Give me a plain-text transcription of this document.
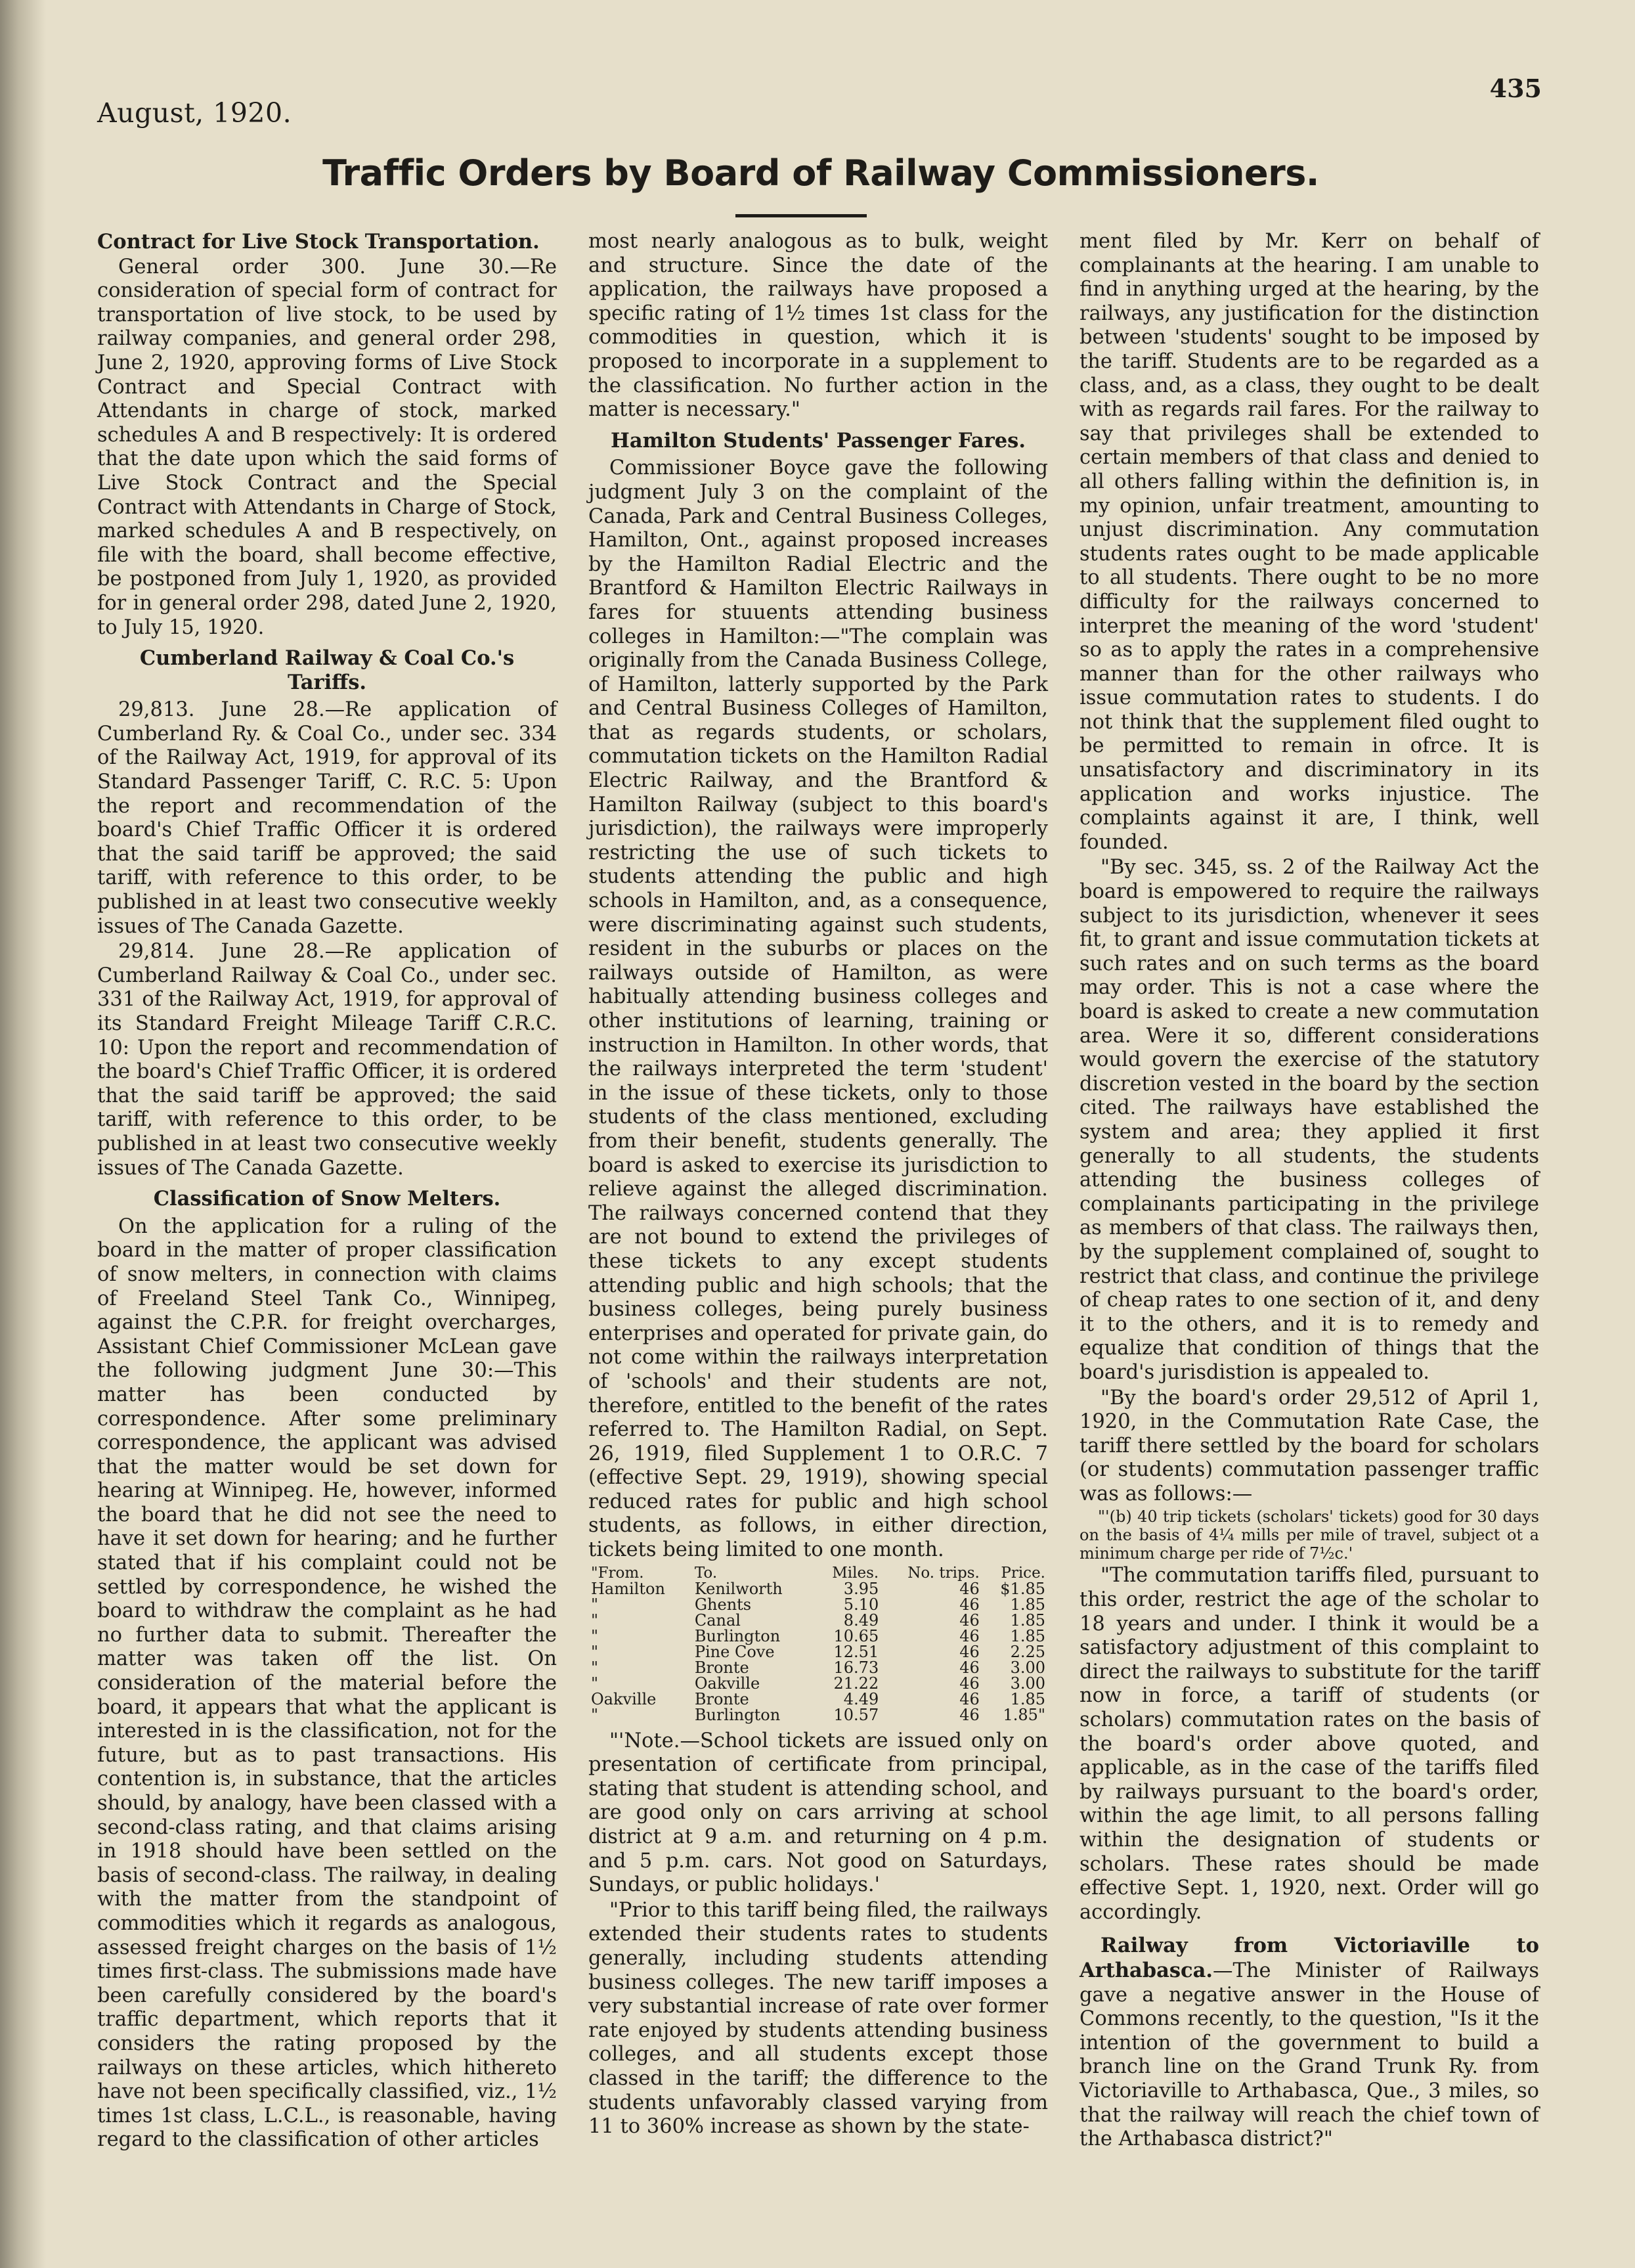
August, 1920.
435
Traffic Orders by Board of Railway Commissioners.

Contract for Live Stock Transportation.

General order 300. June 30.—Re consideration of special form of contract for transportation of live stock, to be used by railway companies, and general order 298, June 2, 1920, approving forms of Live Stock Contract and Special Contract with Attendants in charge of stock, marked schedules A and B respectively: It is ordered that the date upon which the said forms of Live Stock Contract and the Special Contract with Attendants in Charge of Stock, marked schedules A and B respectively, on file with the board, shall become effective, be postponed from July 1, 1920, as provided for in general order 298, dated June 2, 1920, to July 15, 1920.

Cumberland Railway & Coal Co.'s Tariffs.

29,813. June 28.—Re application of Cumberland Ry. & Coal Co., under sec. 334 of the Railway Act, 1919, for approval of its Standard Passenger Tariff, C. R.C. 5: Upon the report and recommendation of the board's Chief Traffic Officer it is ordered that the said tariff be approved; the said tariff, with reference to this order, to be published in at least two consecutive weekly issues of The Canada Gazette.

29,814. June 28.—Re application of Cumberland Railway & Coal Co., under sec. 331 of the Railway Act, 1919, for approval of its Standard Freight Mileage Tariff C.R.C. 10: Upon the report and recommendation of the board's Chief Traffic Officer, it is ordered that the said tariff be approved; the said tariff, with reference to this order, to be published in at least two consecutive weekly issues of The Canada Gazette.

Classification of Snow Melters.

On the application for a ruling of the board in the matter of proper classification of snow melters, in connection with claims of Freeland Steel Tank Co., Winnipeg, against the C.P.R. for freight overcharges, Assistant Chief Commissioner McLean gave the following judgment June 30:—This matter has been conducted by correspondence. After some preliminary correspondence, the applicant was advised that the matter would be set down for hearing at Winnipeg. He, however, informed the board that he did not see the need to have it set down for hearing; and he further stated that if his complaint could not be settled by correspondence, he wished the board to withdraw the complaint as he had no further data to submit. Thereafter the matter was taken off the list. On consideration of the material before the board, it appears that what the applicant is interested in is the classification, not for the future, but as to past transactions. His contention is, in substance, that the articles should, by analogy, have been classed with a second-class rating, and that claims arising in 1918 should have been settled on the basis of second-class. The railway, in dealing with the matter from the standpoint of commodities which it regards as analogous, assessed freight charges on the basis of 1½ times first-class. The submissions made have been carefully considered by the board's traffic department, which reports that it considers the rating proposed by the railways on these articles, which hithereto have not been specifically classified, viz., 1½ times 1st class, L.C.L., is reasonable, having regard to the classification of other articles

most nearly analogous as to bulk, weight and structure. Since the date of the application, the railways have proposed a specific rating of 1½ times 1st class for the commodities in question, which it is proposed to incorporate in a supplement to the classification. No further action in the matter is necessary."

Hamilton Students' Passenger Fares.

Commissioner Boyce gave the following judgment July 3 on the complaint of the Canada, Park and Central Business Colleges, Hamilton, Ont., against proposed increases by the Hamilton Radial Electric and the Brantford & Hamilton Electric Railways in fares for stuuents attending business colleges in Hamilton:—"The complain was originally from the Canada Business College, of Hamilton, latterly supported by the Park and Central Business Colleges of Hamilton, that as regards students, or scholars, commutation tickets on the Hamilton Radial Electric Railway, and the Brantford & Hamilton Railway (subject to this board's jurisdiction), the railways were improperly restricting the use of such tickets to students attending the public and high schools in Hamilton, and, as a consequence, were discriminating against such students, resident in the suburbs or places on the railways outside of Hamilton, as were habitually attending business colleges and other institutions of learning, training or instruction in Hamilton. In other words, that the railways interpreted the term 'student' in the issue of these tickets, only to those students of the class mentioned, excluding from their benefit, students generally. The board is asked to exercise its jurisdiction to relieve against the alleged discrimination. The railways concerned contend that they are not bound to extend the privileges of these tickets to any except students attending public and high schools; that the business colleges, being purely business enterprises and operated for private gain, do not come within the railways interpretation of 'schools' and their students are not, therefore, entitled to the benefit of the rates referred to. The Hamilton Radial, on Sept. 26, 1919, filed Supplement 1 to O.R.C. 7 (effective Sept. 29, 1919), showing special reduced rates for public and high school students, as follows, in either direction, tickets being limited to one month.

"From.	To.	Miles.	No. trips.	Price.
Hamilton	Kenilworth	3.95	46	$1.85
"	Ghents	5.10	46	1.85
"	Canal	8.49	46	1.85
"	Burlington	10.65	46	1.85
"	Pine Cove	12.51	46	2.25
"	Bronte	16.73	46	3.00
"	Oakville	21.22	46	3.00
Oakville	Bronte	4.49	46	1.85
"	Burlington	10.57	46	1.85"

"'Note.—School tickets are issued only on presentation of certificate from principal, stating that student is attending school, and are good only on cars arriving at school district at 9 a.m. and returning on 4 p.m. and 5 p.m. cars. Not good on Saturdays, Sundays, or public holidays.'

"Prior to this tariff being filed, the railways extended their students rates to students generally, including students attending business colleges. The new tariff imposes a very substantial increase of rate over former rate enjoyed by students attending business colleges, and all students except those classed in the tariff; the difference to the students unfavorably classed varying from 11 to 360% increase as shown by the state-

ment filed by Mr. Kerr on behalf of complainants at the hearing. I am unable to find in anything urged at the hearing, by the railways, any justification for the distinction between 'students' sought to be imposed by the tariff. Students are to be regarded as a class, and, as a class, they ought to be dealt with as regards rail fares. For the railway to say that privileges shall be extended to certain members of that class and denied to all others falling within the definition is, in my opinion, unfair treatment, amounting to unjust discrimination. Any commutation students rates ought to be made applicable to all students. There ought to be no more difficulty for the railways concerned to interpret the meaning of the word 'student' so as to apply the rates in a comprehensive manner than for the other railways who issue commutation rates to students. I do not think that the supplement filed ought to be permitted to remain in ofrce. It is unsatisfactory and discriminatory in its application and works injustice. The complaints against it are, I think, well founded.

"By sec. 345, ss. 2 of the Railway Act the board is empowered to require the railways subject to its jurisdiction, whenever it sees fit, to grant and issue commutation tickets at such rates and on such terms as the board may order. This is not a case where the board is asked to create a new commutation area. Were it so, different considerations would govern the exercise of the statutory discretion vested in the board by the section cited. The railways have established the system and area; they applied it first generally to all students, the students attending the business colleges of complainants participating in the privilege as members of that class. The railways then, by the supplement complained of, sought to restrict that class, and continue the privilege of cheap rates to one section of it, and deny it to the others, and it is to remedy and equalize that condition of things that the board's jurisdistion is appealed to.

"By the board's order 29,512 of April 1, 1920, in the Commutation Rate Case, the tariff there settled by the board for scholars (or students) commutation passenger traffic was as follows:—

"'(b) 40 trip tickets (scholars' tickets) good for 30 days on the basis of 4¼ mills per mile of travel, subject ot a minimum charge per ride of 7½c.'

"The commutation tariffs filed, pursuant to this order, restrict the age of the scholar to 18 years and under. I think it would be a satisfactory adjustment of this complaint to direct the railways to substitute for the tariff now in force, a tariff of students (or scholars) commutation rates on the basis of the board's order above quoted, and applicable, as in the case of the tariffs filed by railways pursuant to the board's order, within the age limit, to all persons falling within the designation of students or scholars. These rates should be made effective Sept. 1, 1920, next. Order will go accordingly.

Railway from Victoriaville to Arthabasca.—The Minister of Railways gave a negative answer in the House of Commons recently, to the question, "Is it the intention of the government to build a branch line on the Grand Trunk Ry. from Victoriaville to Arthabasca, Que., 3 miles, so that the railway will reach the chief town of the Arthabasca district?"
